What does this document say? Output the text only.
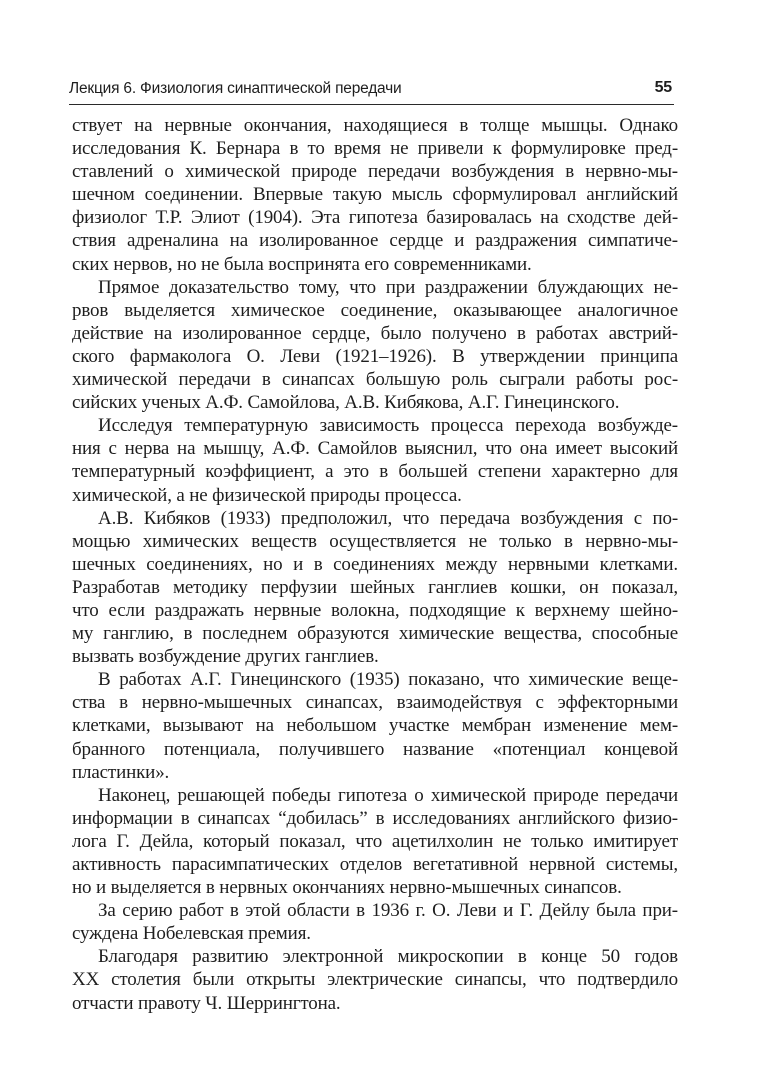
Лекция 6. Физиология синаптической передачи	55
ствует на нервные окончания, находящиеся в толще мышцы. Однако
исследования К. Бернара в то время не привели к формулировке пред-
ставлений о химической природе передачи возбуждения в нервно-мы-
шечном соединении. Впервые такую мысль сформулировал английский
физиолог Т.Р. Элиот (1904). Эта гипотеза базировалась на сходстве дей-
ствия адреналина на изолированное сердце и раздражения симпатиче-
ских нервов, но не была воспринята его современниками.
Прямое доказательство тому, что при раздражении блуждающих не-
рвов выделяется химическое соединение, оказывающее аналогичное
действие на изолированное сердце, было получено в работах австрий-
ского фармаколога О. Леви (1921–1926). В утверждении принципа
химической передачи в синапсах большую роль сыграли работы рос-
сийских ученых А.Ф. Самойлова, А.В. Кибякова, А.Г. Гинецинского.
Исследуя температурную зависимость процесса перехода возбужде-
ния с нерва на мышцу, А.Ф. Самойлов выяснил, что она имеет высокий
температурный коэффициент, а это в большей степени характерно для
химической, а не физической природы процесса.
А.В. Кибяков (1933) предположил, что передача возбуждения с по-
мощью химических веществ осуществляется не только в нервно-мы-
шечных соединениях, но и в соединениях между нервными клетками.
Разработав методику перфузии шейных ганглиев кошки, он показал,
что если раздражать нервные волокна, подходящие к верхнему шейно-
му ганглию, в последнем образуются химические вещества, способные
вызвать возбуждение других ганглиев.
В работах А.Г. Гинецинского (1935) показано, что химические веще-
ства в нервно-мышечных синапсах, взаимодействуя с эффекторными
клетками, вызывают на небольшом участке мембран изменение мем-
бранного потенциала, получившего название «потенциал концевой
пластинки».
Наконец, решающей победы гипотеза о химической природе передачи
информации в синапсах “добилась” в исследованиях английского физио-
лога Г. Дейла, который показал, что ацетилхолин не только имитирует
активность парасимпатических отделов вегетативной нервной системы,
но и выделяется в нервных окончаниях нервно-мышечных синапсов.
За серию работ в этой области в 1936 г. О. Леви и Г. Дейлу была при-
суждена Нобелевская премия.
Благодаря развитию электронной микроскопии в конце 50 годов
XX столетия были открыты электрические синапсы, что подтвердило
отчасти правоту Ч. Шеррингтона.
